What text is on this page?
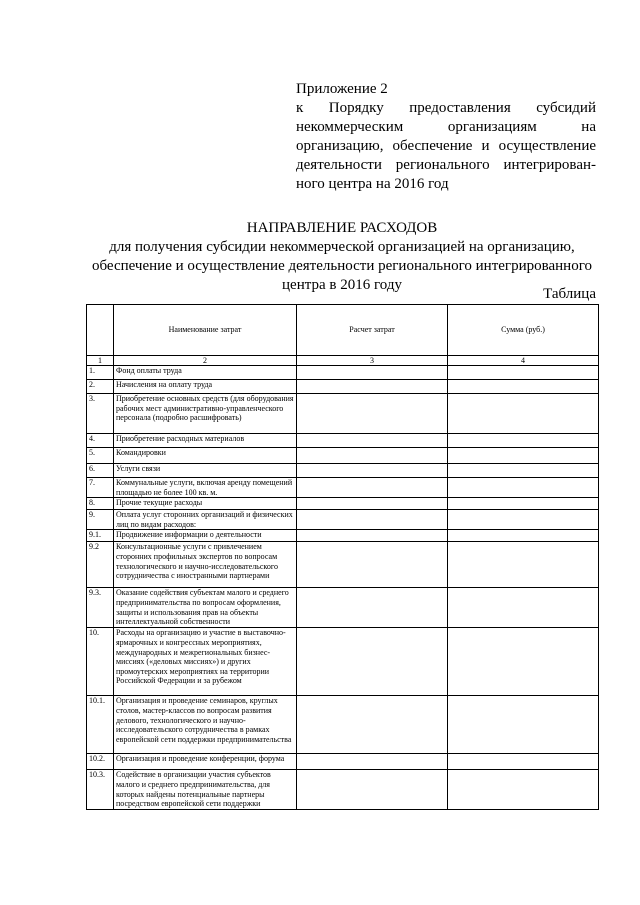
Приложение 2
к Порядку предоставления субсидий
некоммерческим организациям на
организацию, обеспечение и осуществление
деятельности регионального интегрирован-
ного центра на 2016 год
НАПРАВЛЕНИЕ РАСХОДОВ
для получения субсидии некоммерческой организацией на организацию,
обеспечение и осуществление деятельности регионального интегрированного
центра в 2016 году
Таблица
	Наименование затрат	Расчет затрат	Сумма (руб.)
1	2	3	4
1.	Фонд оплаты труда		
2.	Начисления на оплату труда		
3.	Приобретение основных средств (для оборудования рабочих мест административно-управленческого персонала (подробно расшифровать)		
4.	Приобретение расходных материалов		
5.	Командировки		
6.	Услуги связи		
7.	Коммунальные услуги, включая аренду помещений площадью не более 100 кв. м.		
8.	Прочие текущие расходы		
9.	Оплата услуг сторонних организаций и физических лиц по видам расходов:		
9.1.	Продвижение информации о деятельности		
9.2	Консультационные услуги с привлечением сторонних профильных экспертов по вопросам технологического и научно-исследовательского сотрудничества с иностранными партнерами		
9.3.	Оказание содействия субъектам малого и среднего предпринимательства по вопросам оформления, защиты и использования прав на объекты интеллектуальной собственности		
10.	Расходы на организацию и участие в выставочно-ярмарочных и конгрессных мероприятиях, международных и межрегиональных бизнес-миссиях («деловых миссиях») и других промоутерских мероприятиях на территории Российской Федерации и за рубежом		
10.1.	Организация и проведение семинаров, круглых столов, мастер-классов по вопросам развития делового, технологического и научно-исследовательского сотрудничества в рамках европейской сети поддержки предпринимательства		
10.2.	Организация и проведение конференции, форума		
10.3.	Содействие в организации участия субъектов малого и среднего предпринимательства, для которых найдены потенциальные партнеры посредством европейской сети поддержки		
